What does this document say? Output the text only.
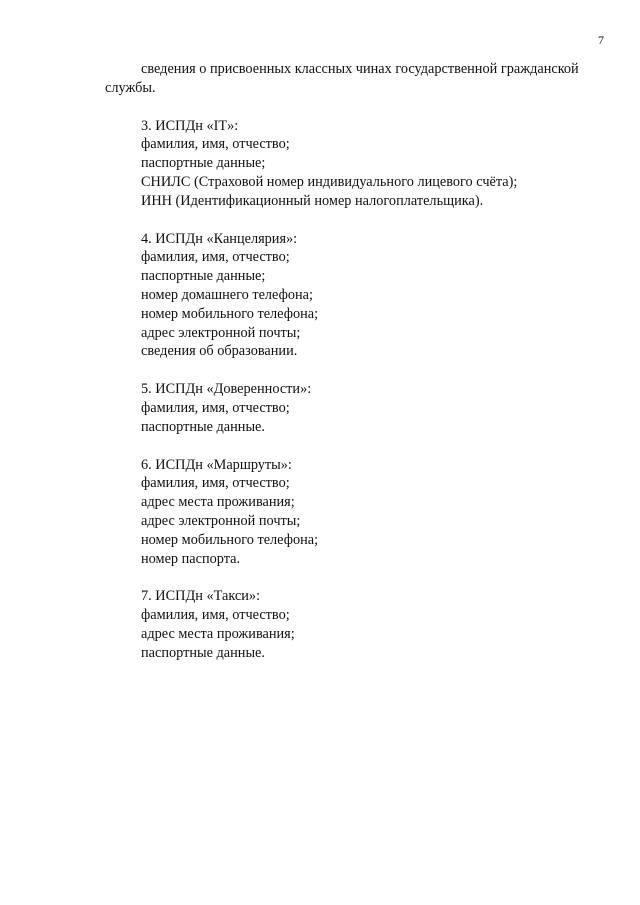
7
сведения о присвоенных классных чинах государственной гражданской
службы.
3. ИСПДн «IT»:
фамилия, имя, отчество;
паспортные данные;
СНИЛС (Страховой номер индивидуального лицевого счёта);
ИНН (Идентификационный номер налогоплательщика).
4. ИСПДн «Канцелярия»:
фамилия, имя, отчество;
паспортные данные;
номер домашнего телефона;
номер мобильного телефона;
адрес электронной почты;
сведения об образовании.
5. ИСПДн «Доверенности»:
фамилия, имя, отчество;
паспортные данные.
6. ИСПДн «Маршруты»:
фамилия, имя, отчество;
адрес места проживания;
адрес электронной почты;
номер мобильного телефона;
номер паспорта.
7. ИСПДн «Такси»:
фамилия, имя, отчество;
адрес места проживания;
паспортные данные.
